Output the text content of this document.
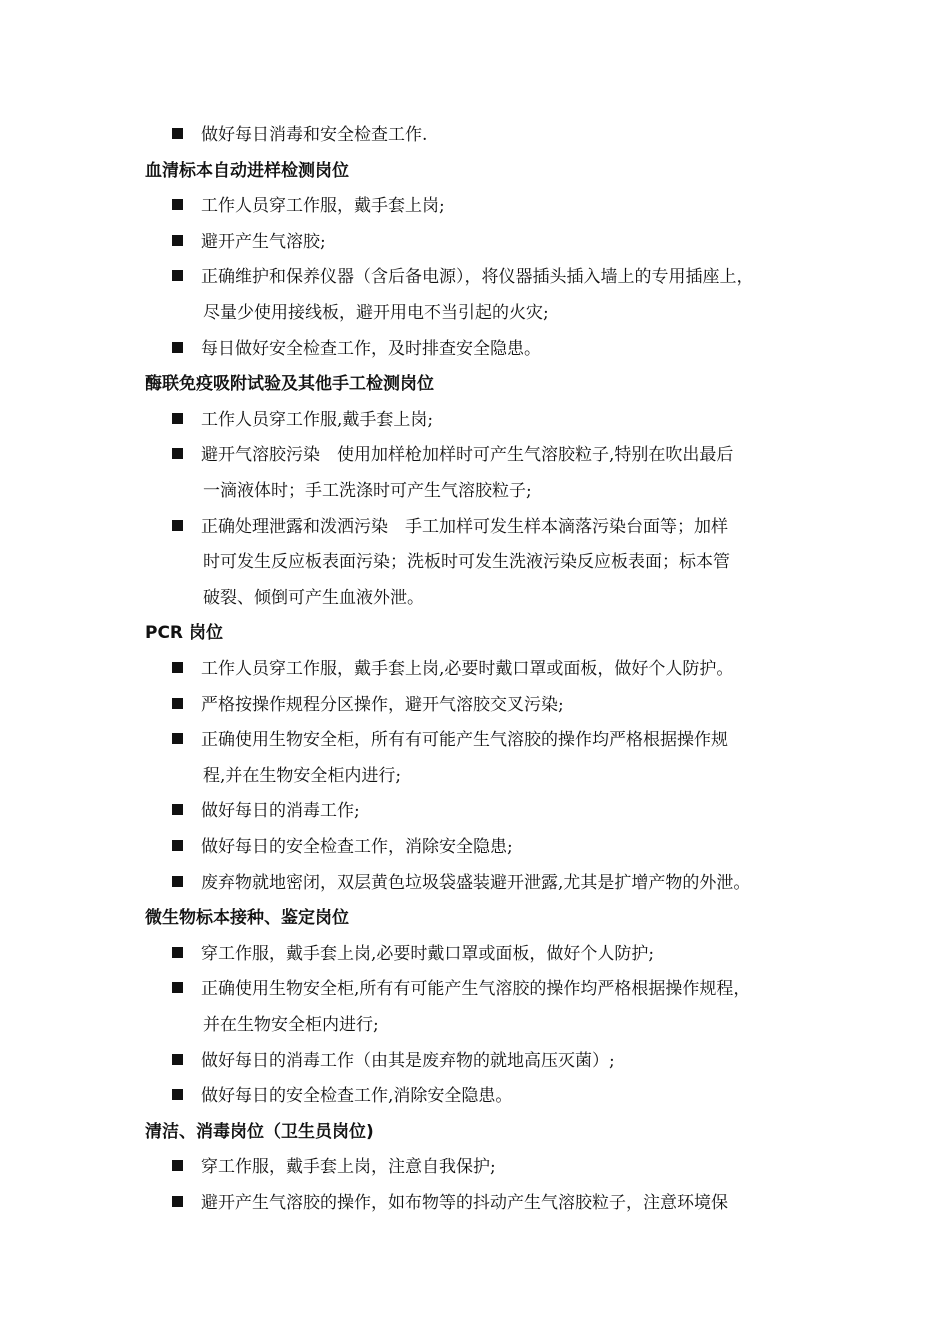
做好每日消毒和安全检查工作.
血清标本自动进样检测岗位
工作人员穿工作服，戴手套上岗;
避开产生气溶胶;
正确维护和保养仪器（含后备电源），将仪器插头插入墙上的专用插座上，
尽量少使用接线板，避开用电不当引起的火灾;
每日做好安全检查工作，及时排查安全隐患。
酶联免疫吸附试验及其他手工检测岗位
工作人员穿工作服,戴手套上岗;
避开气溶胶污染　使用加样枪加样时可产生气溶胶粒子,特别在吹出最后
一滴液体时；手工洗涤时可产生气溶胶粒子;
正确处理泄露和泼洒污染　手工加样可发生样本滴落污染台面等；加样
时可发生反应板表面污染；洗板时可发生洗液污染反应板表面；标本管
破裂、倾倒可产生血液外泄。
PCR 岗位
工作人员穿工作服，戴手套上岗,必要时戴口罩或面板，做好个人防护。
严格按操作规程分区操作，避开气溶胶交叉污染;
正确使用生物安全柜，所有有可能产生气溶胶的操作均严格根据操作规
程,并在生物安全柜内进行;
做好每日的消毒工作;
做好每日的安全检查工作，消除安全隐患;
废弃物就地密闭，双层黄色垃圾袋盛装避开泄露,尤其是扩增产物的外泄。
微生物标本接种、鉴定岗位
穿工作服，戴手套上岗,必要时戴口罩或面板，做好个人防护;
正确使用生物安全柜,所有有可能产生气溶胶的操作均严格根据操作规程，
并在生物安全柜内进行;
做好每日的消毒工作（由其是废弃物的就地高压灭菌）;
做好每日的安全检查工作,消除安全隐患。
清洁、消毒岗位（卫生员岗位)
穿工作服，戴手套上岗，注意自我保护;
避开产生气溶胶的操作，如布物等的抖动产生气溶胶粒子，注意环境保
